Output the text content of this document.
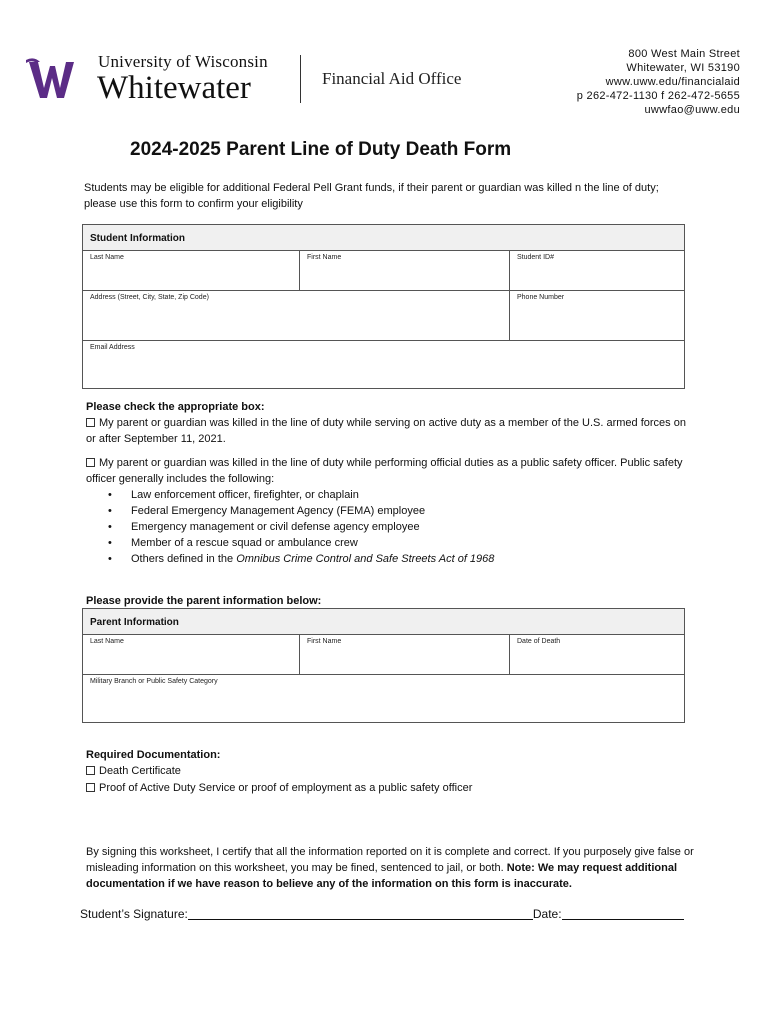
University of Wisconsin
Whitewater	Financial Aid Office
800 West Main Street
Whitewater, WI 53190
www.uww.edu/financialaid
p 262-472-1130 f 262-472-5655
uwwfao@uww.edu
2024-2025 Parent Line of Duty Death Form
Students may be eligible for additional Federal Pell Grant funds, if their parent or guardian was killed n the line of duty; please use this form to confirm your eligibility
Student Information
Last Name	First Name	Student ID#
Address (Street, City, State, Zip Code)	Phone Number
Email Address
Please check the appropriate box:
My parent or guardian was killed in the line of duty while serving on active duty as a member of the U.S. armed forces on or after September 11, 2021.
My parent or guardian was killed in the line of duty while performing official duties as a public safety officer. Public safety officer generally includes the following:
• Law enforcement officer, firefighter, or chaplain
• Federal Emergency Management Agency (FEMA) employee
• Emergency management or civil defense agency employee
• Member of a rescue squad or ambulance crew
• Others defined in the Omnibus Crime Control and Safe Streets Act of 1968
Please provide the parent information below:
Parent Information
Last Name	First Name	Date of Death
Military Branch or Public Safety Category
Required Documentation:
Death Certificate
Proof of Active Duty Service or proof of employment as a public safety officer
By signing this worksheet, I certify that all the information reported on it is complete and correct. If you purposely give false or misleading information on this worksheet, you may be fined, sentenced to jail, or both. Note: We may request additional documentation if we have reason to believe any of the information on this form is inaccurate.
Student’s Signature:	Date:
